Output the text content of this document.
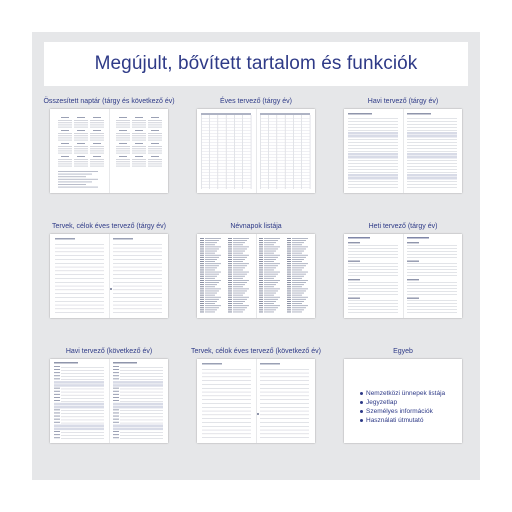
Megújult, bővített tartalom és funkciók
Összesített naptár (tárgy és következő év)	Éves tervező (tárgy év)	Havi tervező (tárgy év)
Tervek, célok éves tervező (tárgy év)	Névnapok listája	Heti tervező (tárgy év)
Havi tervező (következő év)	Tervek, célok éves tervező (következő év)	Egyeb
Nemzetközi ünnepek listája
Jegyzetlap
Személyes információk
Használati útmutató
